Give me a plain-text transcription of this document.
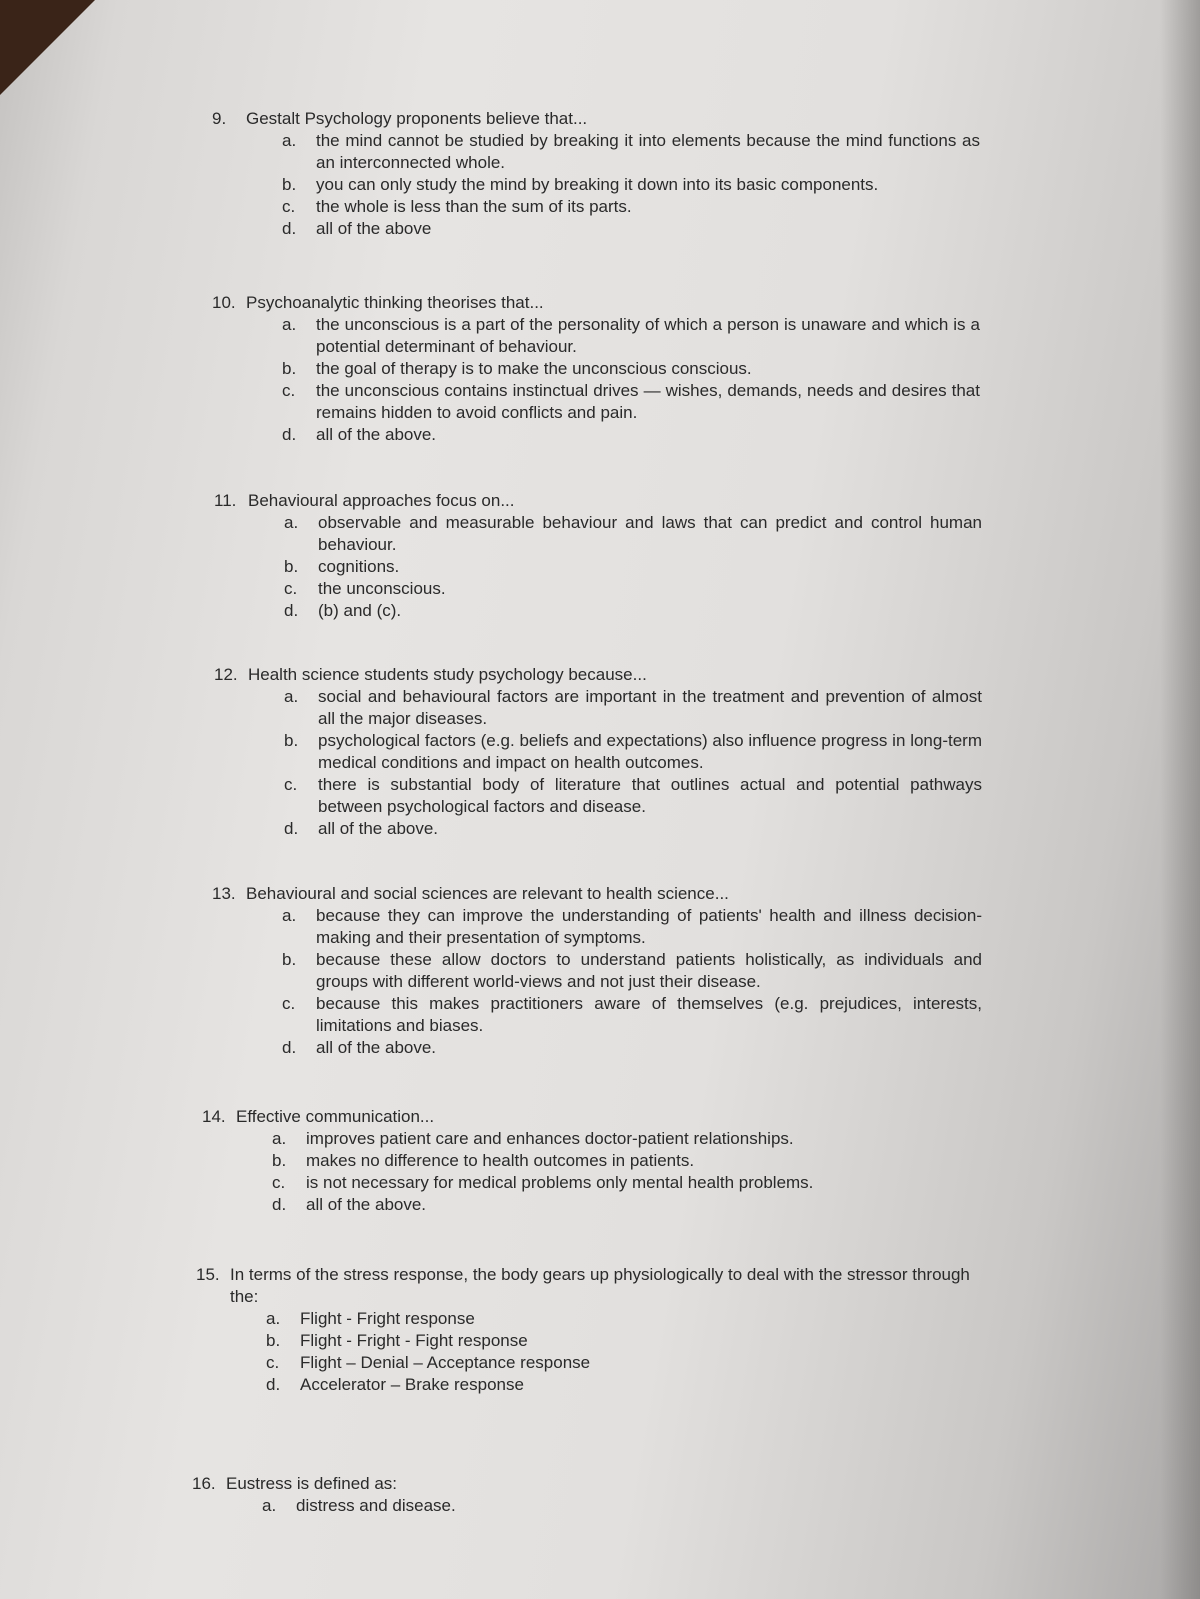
9.	Gestalt Psychology proponents believe that...
a.	the mind cannot be studied by breaking it into elements because the mind functions as an interconnected whole.
b.	you can only study the mind by breaking it down into its basic components.
c.	the whole is less than the sum of its parts.
d.	all of the above
10. Psychoanalytic thinking theorises that...
a.	the unconscious is a part of the personality of which a person is unaware and which is a potential determinant of behaviour.
b.	the goal of therapy is to make the unconscious conscious.
c.	the unconscious contains instinctual drives — wishes, demands, needs and desires that remains hidden to avoid conflicts and pain.
d.	all of the above.
11. Behavioural approaches focus on...
a.	observable and measurable behaviour and laws that can predict and control human behaviour.
b.	cognitions.
c.	the unconscious.
d.	(b) and (c).
12. Health science students study psychology because...
a.	social and behavioural factors are important in the treatment and prevention of almost all the major diseases.
b.	psychological factors (e.g. beliefs and expectations) also influence progress in long-term medical conditions and impact on health outcomes.
c.	there is substantial body of literature that outlines actual and potential pathways between psychological factors and disease.
d.	all of the above.
13. Behavioural and social sciences are relevant to health science...
a.	because they can improve the understanding of patients' health and illness decision-making and their presentation of symptoms.
b.	because these allow doctors to understand patients holistically, as individuals and groups with different world-views and not just their disease.
c.	because this makes practitioners aware of themselves (e.g. prejudices, interests, limitations and biases.
d.	all of the above.
14. Effective communication...
a.	improves patient care and enhances doctor-patient relationships.
b.	makes no difference to health outcomes in patients.
c.	is not necessary for medical problems only mental health problems.
d.	all of the above.
15. In terms of the stress response, the body gears up physiologically to deal with the stressor through the:
a.	Flight - Fright response
b.	Flight - Fright - Fight response
c.	Flight – Denial – Acceptance response
d.	Accelerator – Brake response
16. Eustress is defined as:
a.	distress and disease.
